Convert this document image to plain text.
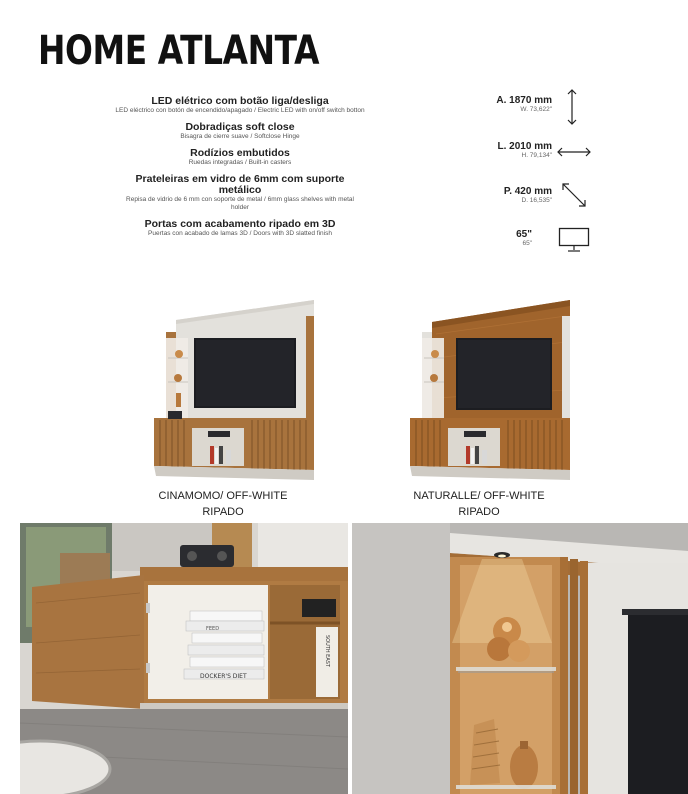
HOME ATLANTA
LED elétrico com botão liga/desliga
LED eléctrico con botón de encendido/apagado / Electric LED with on/off switch botton
Dobradiças soft close
Bisagra de cierre suave / Softclose Hinge
Rodízios embutidos
Ruedas integradas / Built-in casters
Prateleiras em vidro de 6mm com suporte metálico
Repisa de vidrio de 6 mm con soporte de metal / 6mm glass shelves with metal holder
Portas com acabamento ripado em 3D
Puertas con acabado de lamas 3D / Doors with 3D slatted finish
A. 1870 mm
W. 73,622"
L. 2010 mm
H. 79,134"
P. 420 mm
D. 16,535"
65"
65"
CINAMOMO/ OFF-WHITE
RIPADO
NATURALLE/ OFF-WHITE
RIPADO
DOCKER'S DIET
FEED
SOUTH EAST
